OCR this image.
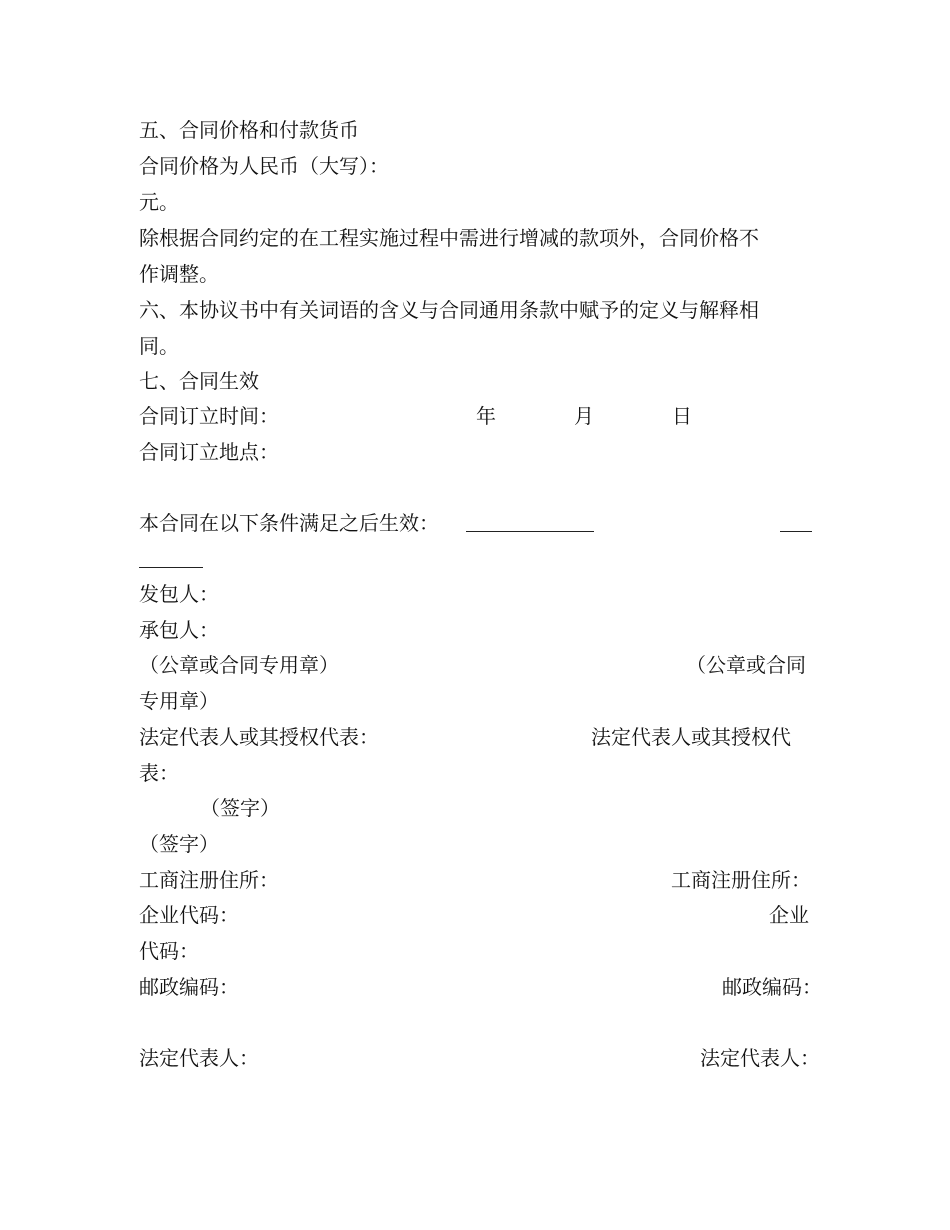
五、合同价格和付款货币
合同价格为人民币（大写）：
元。
除根据合同约定的在工程实施过程中需进行增减的款项外，合同价格不
作调整。
六、本协议书中有关词语的含义与合同通用条款中赋予的定义与解释相
同。
七、合同生效
合同订立时间：	年	月	日
合同订立地点：
本合同在以下条件满足之后生效：
发包人：
承包人：
（公章或合同专用章）	（公章或合同
专用章）
法定代表人或其授权代表：	法定代表人或其授权代
表：
（签字）
（签字）
工商注册住所：	工商注册住所：
企业代码：	企业
代码：
邮政编码：	邮政编码：
法定代表人：	法定代表人：
